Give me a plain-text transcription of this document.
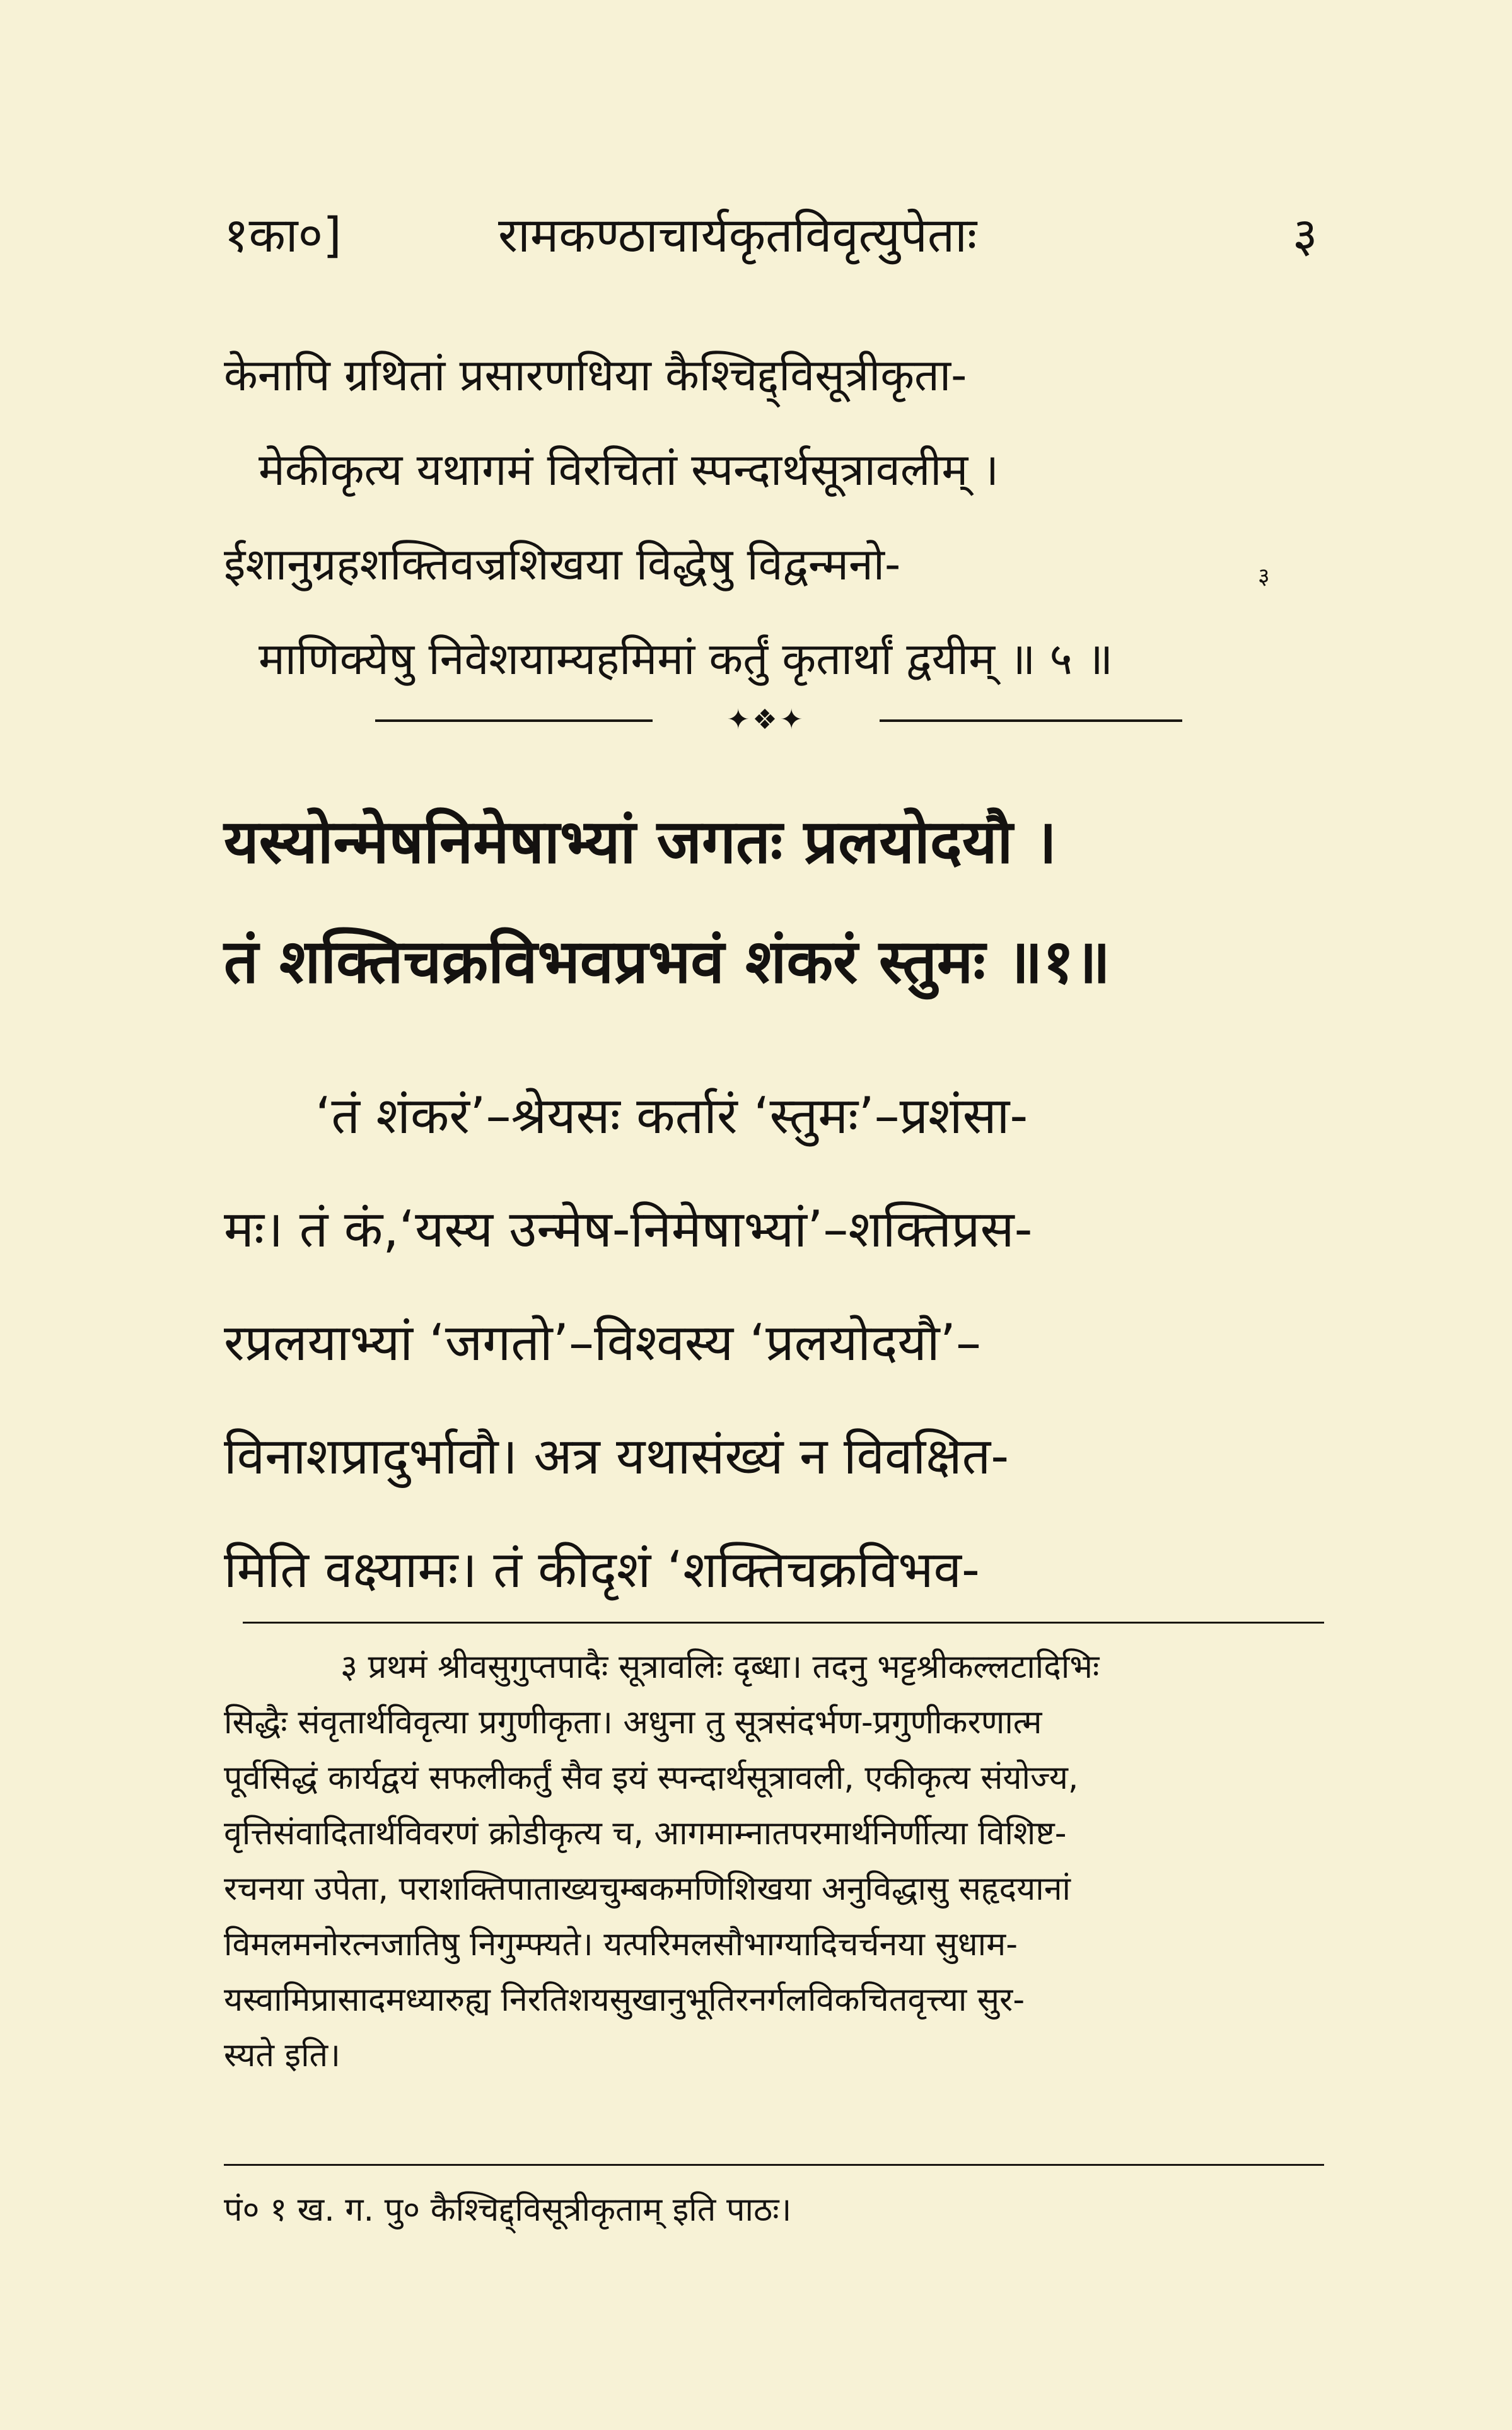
१का०]	रामकण्ठाचार्यकृतविवृत्युपेताः	३
केनापि ग्रथितां प्रसारणधिया कैश्चिद्द्विसूत्रीकृता-
मेकीकृत्य यथागमं विरचितां स्पन्दार्थसूत्रावलीम् ।
ईशानुग्रहशक्तिवज्रशिखया विद्धेषु विद्वन्मनो-
माणिक्येषु निवेशयाम्यहमिमां कर्तुं कृतार्थां द्वयीम् ॥ ५ ॥
३
✦❖✦
यस्योन्मेषनिमेषाभ्यां जगतः प्रलयोदयौ ।
तं शक्तिचक्रविभवप्रभवं शंकरं स्तुमः ॥१॥
‘तं शंकरं’–श्रेयसः कर्तारं ‘स्तुमः’–प्रशंसा-
मः। तं कं,‘यस्य उन्मेष-निमेषाभ्यां’–शक्तिप्रस-
रप्रलयाभ्यां ‘जगतो’–विश्वस्य ‘प्रलयोदयौ’–
विनाशप्रादुर्भावौ। अत्र यथासंख्यं न विवक्षित-
मिति वक्ष्यामः। तं कीदृशं ‘शक्तिचक्रविभव-
३ प्रथमं श्रीवसुगुप्तपादैः सूत्रावलिः दृब्धा। तदनु भट्टश्रीकल्लटादिभिः
सिद्धैः संवृतार्थविवृत्या प्रगुणीकृता। अधुना तु सूत्रसंदर्भण-प्रगुणीकरणात्म
पूर्वसिद्धं कार्यद्वयं सफलीकर्तुं सैव इयं स्पन्दार्थसूत्रावली, एकीकृत्य संयोज्य,
वृत्तिसंवादितार्थविवरणं क्रोडीकृत्य च, आगमाम्नातपरमार्थनिर्णीत्या विशिष्ट-
रचनया उपेता, पराशक्तिपाताख्यचुम्बकमणिशिखया अनुविद्धासु सहृदयानां
विमलमनोरत्नजातिषु निगुम्फ्यते। यत्परिमलसौभाग्यादिचर्चनया सुधाम-
यस्वामिप्रासादमध्यारुह्य निरतिशयसुखानुभूतिरनर्गलविकचितवृत्त्या सुर-
स्यते इति।
पं० १ ख. ग. पु० कैश्चिद्द्विसूत्रीकृताम् इति पाठः।
